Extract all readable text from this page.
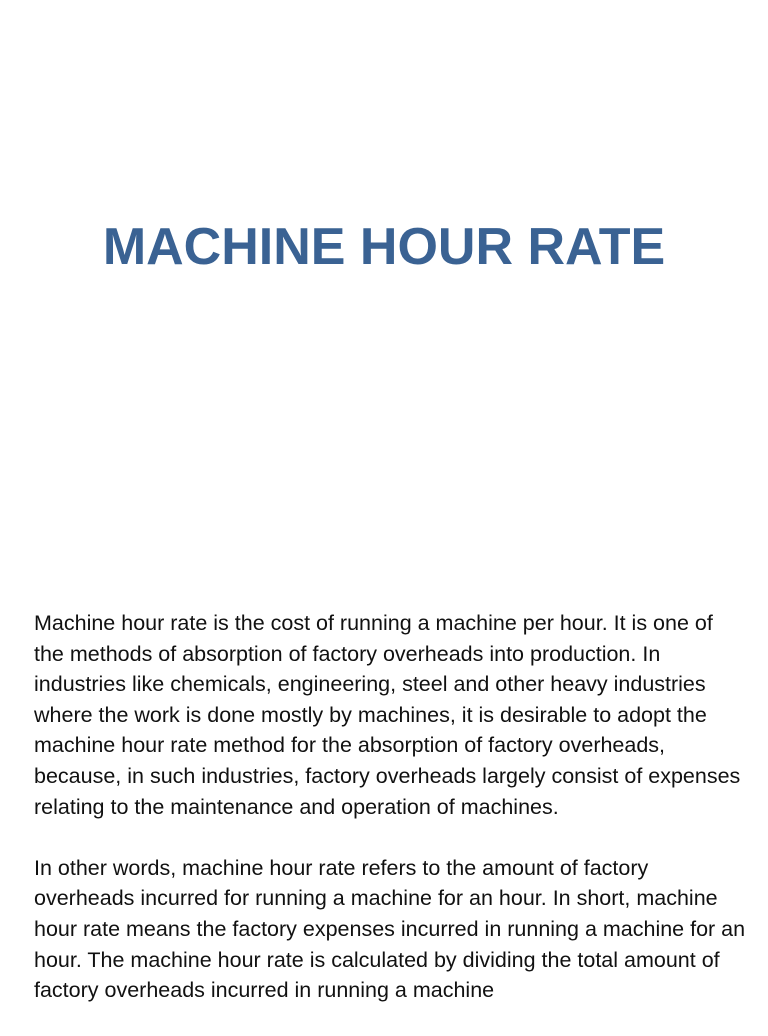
MACHINE HOUR RATE

Machine hour rate is the cost of running a machine per hour. It is one of the methods of absorption of factory overheads into production. In industries like chemicals, engineering, steel and other heavy industries where the work is done mostly by machines, it is desirable to adopt the machine hour rate method for the absorption of factory overheads, because, in such industries, factory overheads largely consist of expenses relating to the maintenance and operation of machines.

In other words, machine hour rate refers to the amount of factory overheads incurred for running a machine for an hour. In short, machine hour rate means the factory expenses incurred in running a machine for an hour. The machine hour rate is calculated by dividing the total amount of factory overheads incurred in running a machine
